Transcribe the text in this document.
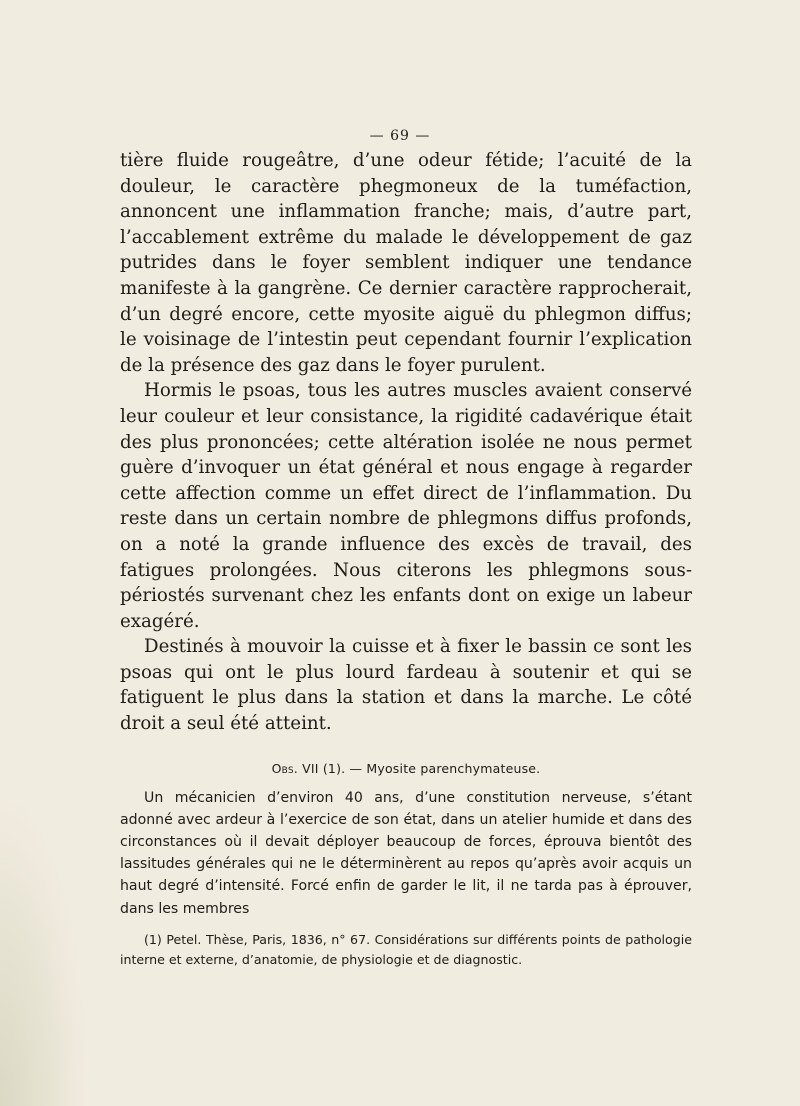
— 69 —

tière fluide rougeâtre, d’une odeur fétide; l’acuité de la douleur, le caractère phegmoneux de la tuméfaction, annoncent une inflammation franche; mais, d’autre part, l’accablement extrême du malade le développement de gaz putrides dans le foyer semblent indiquer une tendance manifeste à la gangrène. Ce dernier caractère rapprocherait, d’un degré encore, cette myosite aiguë du phlegmon diffus; le voisinage de l’intestin peut cependant fournir l’explication de la présence des gaz dans le foyer purulent.

Hormis le psoas, tous les autres muscles avaient conservé leur couleur et leur consistance, la rigidité cadavérique était des plus prononcées; cette altération isolée ne nous permet guère d’invoquer un état général et nous engage à regarder cette affection comme un effet direct de l’inflammation. Du reste dans un certain nombre de phlegmons diffus profonds, on a noté la grande influence des excès de travail, des fatigues prolongées. Nous citerons les phlegmons sous-périostés survenant chez les enfants dont on exige un labeur exagéré.

Destinés à mouvoir la cuisse et à fixer le bassin ce sont les psoas qui ont le plus lourd fardeau à soutenir et qui se fatiguent le plus dans la station et dans la marche. Le côté droit a seul été atteint.

Obs. VII (1). — Myosite parenchymateuse.

Un mécanicien d’environ 40 ans, d’une constitution nerveuse, s’étant adonné avec ardeur à l’exercice de son état, dans un atelier humide et dans des circonstances où il devait déployer beaucoup de forces, éprouva bientôt des lassitudes générales qui ne le déterminèrent au repos qu’après avoir acquis un haut degré d’intensité. Forcé enfin de garder le lit, il ne tarda pas à éprouver, dans les membres

(1) Petel. Thèse, Paris, 1836, n° 67. Considérations sur différents points de pathologie interne et externe, d’anatomie, de physiologie et de diagnostic.
